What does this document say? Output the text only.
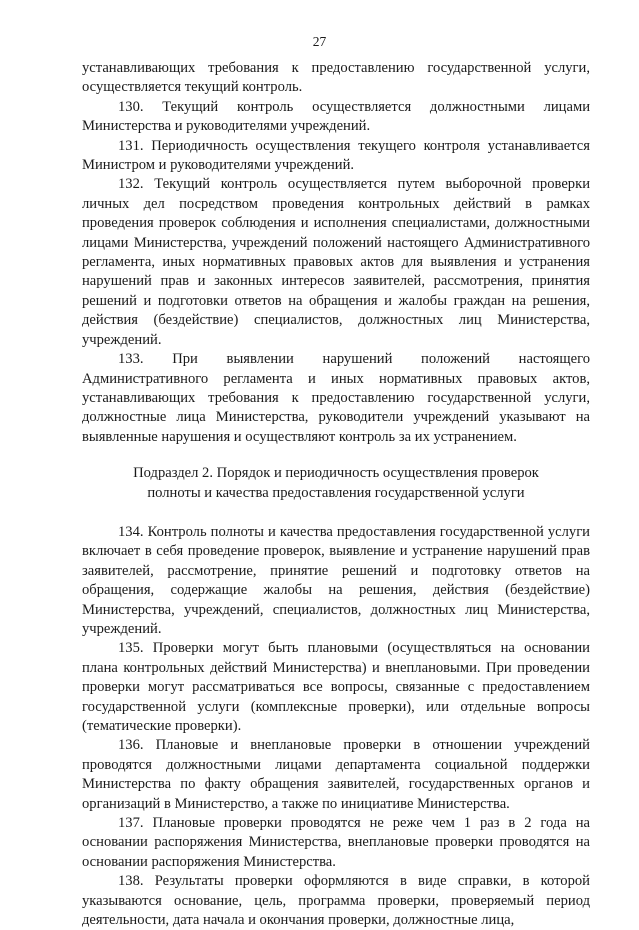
27

устанавливающих требования к предоставлению государственной услуги, осуществляется текущий контроль.

130. Текущий контроль осуществляется должностными лицами Министерства и руководителями учреждений.

131. Периодичность осуществления текущего контроля устанавливается Министром и руководителями учреждений.

132. Текущий контроль осуществляется путем выборочной проверки личных дел посредством проведения контрольных действий в рамках проведения проверок соблюдения и исполнения специалистами, должностными лицами Министерства, учреждений положений настоящего Административного регламента, иных нормативных правовых актов для выявления и устранения нарушений прав и законных интересов заявителей, рассмотрения, принятия решений и подготовки ответов на обращения и жалобы граждан на решения, действия (бездействие) специалистов, должностных лиц Министерства, учреждений.

133. При выявлении нарушений положений настоящего Административного регламента и иных нормативных правовых актов, устанавливающих требования к предоставлению государственной услуги, должностные лица Министерства, руководители учреждений указывают на выявленные нарушения и осуществляют контроль за их устранением.

Подраздел 2. Порядок и периодичность осуществления проверок
полноты и качества предоставления государственной услуги

134. Контроль полноты и качества предоставления государственной услуги включает в себя проведение проверок, выявление и устранение нарушений прав заявителей, рассмотрение, принятие решений и подготовку ответов на обращения, содержащие жалобы на решения, действия (бездействие) Министерства, учреждений, специалистов, должностных лиц Министерства, учреждений.

135. Проверки могут быть плановыми (осуществляться на основании плана контрольных действий Министерства) и внеплановыми. При проведении проверки могут рассматриваться все вопросы, связанные с предоставлением государственной услуги (комплексные проверки), или отдельные вопросы (тематические проверки).

136. Плановые и внеплановые проверки в отношении учреждений проводятся должностными лицами департамента социальной поддержки Министерства по факту обращения заявителей, государственных органов и организаций в Министерство, а также по инициативе Министерства.

137. Плановые проверки проводятся не реже чем 1 раз в 2 года на основании распоряжения Министерства, внеплановые проверки проводятся на основании распоряжения Министерства.

138. Результаты проверки оформляются в виде справки, в которой указываются основание, цель, программа проверки, проверяемый период деятельности, дата начала и окончания проверки, должностные лица,
